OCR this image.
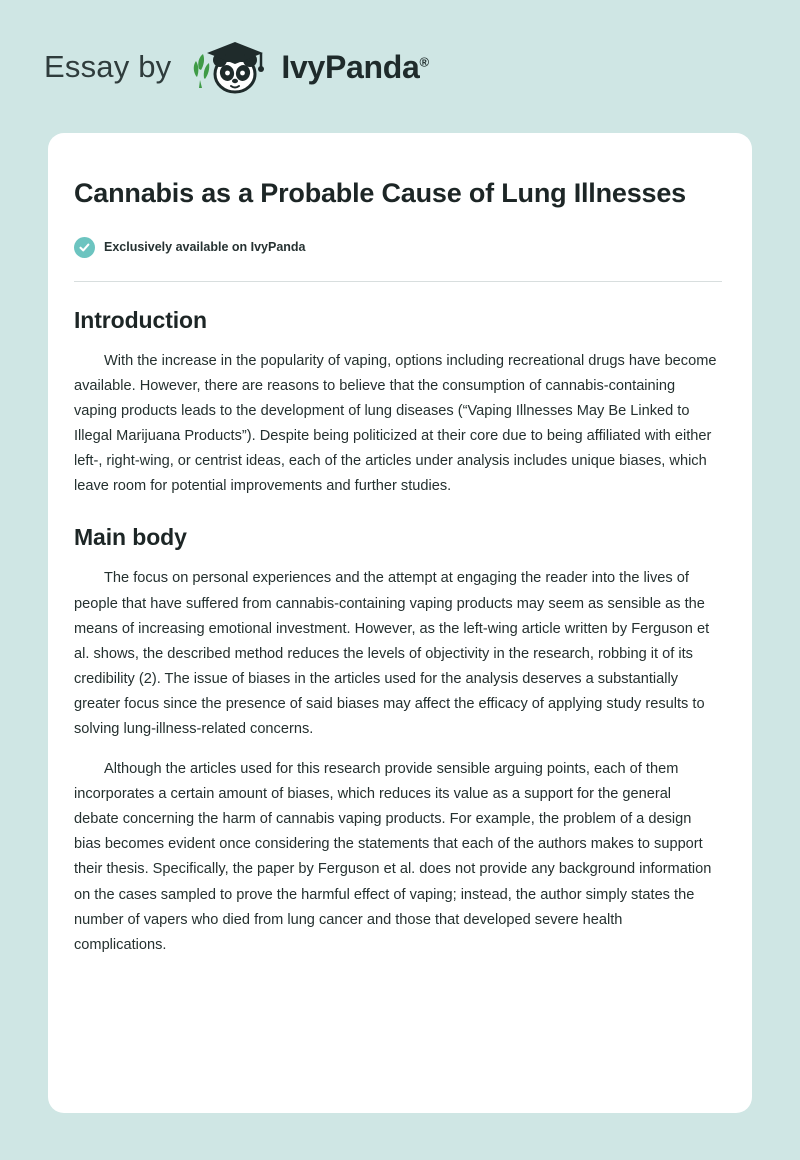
Essay by	IvyPanda®
Cannabis as a Probable Cause of Lung Illnesses
Exclusively available on IvyPanda
Introduction

With the increase in the popularity of vaping, options including recreational drugs have become available. However, there are reasons to believe that the consumption of cannabis-containing vaping products leads to the development of lung diseases (“Vaping Illnesses May Be Linked to Illegal Marijuana Products”). Despite being politicized at their core due to being affiliated with either left-, right-wing, or centrist ideas, each of the articles under analysis includes unique biases, which leave room for potential improvements and further studies.

Main body

The focus on personal experiences and the attempt at engaging the reader into the lives of people that have suffered from cannabis-containing vaping products may seem as sensible as the means of increasing emotional investment. However, as the left-wing article written by Ferguson et al. shows, the described method reduces the levels of objectivity in the research, robbing it of its credibility (2). The issue of biases in the articles used for the analysis deserves a substantially greater focus since the presence of said biases may affect the efficacy of applying study results to solving lung-illness-related concerns.

Although the articles used for this research provide sensible arguing points, each of them incorporates a certain amount of biases, which reduces its value as a support for the general debate concerning the harm of cannabis vaping products. For example, the problem of a design bias becomes evident once considering the statements that each of the authors makes to support their thesis. Specifically, the paper by Ferguson et al. does not provide any background information on the cases sampled to prove the harmful effect of vaping; instead, the author simply states the number of vapers who died from lung cancer and those that developed severe health complications.
